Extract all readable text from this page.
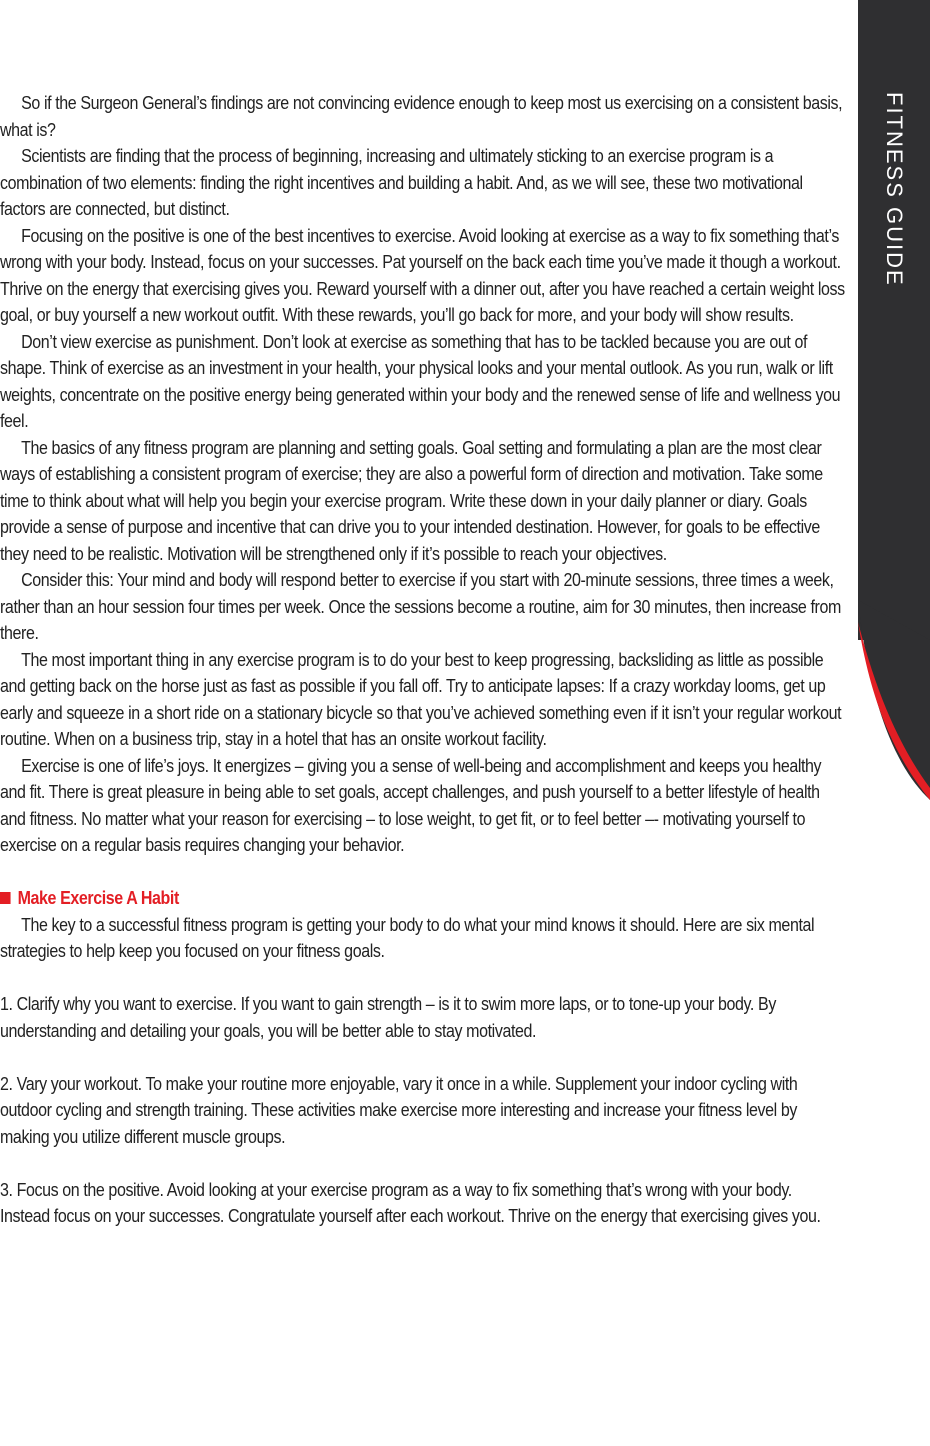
FITNESS GUIDE

So if the Surgeon General’s findings are not convincing evidence enough to keep most us exercising on a consistent basis, what is?

Scientists are finding that the process of beginning, increasing and ultimately sticking to an exercise program is a combination of two elements: finding the right incentives and building a habit. And, as we will see, these two motivational factors are connected, but distinct.

Focusing on the positive is one of the best incentives to exercise. Avoid looking at exercise as a way to fix something that’s wrong with your body. Instead, focus on your successes. Pat yourself on the back each time you’ve made it though a workout. Thrive on the energy that exercising gives you. Reward yourself with a dinner out, after you have reached a certain weight loss goal, or buy yourself a new workout outfit. With these rewards, you’ll go back for more, and your body will show results.

Don’t view exercise as punishment. Don’t look at exercise as something that has to be tackled because you are out of shape. Think of exercise as an investment in your health, your physical looks and your mental outlook. As you run, walk or lift weights, concentrate on the positive energy being generated within your body and the renewed sense of life and wellness you feel.

The basics of any fitness program are planning and setting goals. Goal setting and formulating a plan are the most clear ways of establishing a consistent program of exercise; they are also a powerful form of direction and motivation. Take some time to think about what will help you begin your exercise program. Write these down in your daily planner or diary. Goals provide a sense of purpose and incentive that can drive you to your intended destination. However, for goals to be effective they need to be realistic. Motivation will be strengthened only if it’s possible to reach your objectives.

Consider this: Your mind and body will respond better to exercise if you start with 20-minute sessions, three times a week, rather than an hour session four times per week. Once the sessions become a routine, aim for 30 minutes, then increase from there.

The most important thing in any exercise program is to do your best to keep progressing, backsliding as little as possible and getting back on the horse just as fast as possible if you fall off. Try to anticipate lapses: If a crazy workday looms, get up early and squeeze in a short ride on a stationary bicycle so that you’ve achieved something even if it isn’t your regular workout routine. When on a business trip, stay in a hotel that has an onsite workout facility.

Exercise is one of life’s joys. It energizes – giving you a sense of well-being and accomplishment and keeps you healthy and fit. There is great pleasure in being able to set goals, accept challenges, and push yourself to a better lifestyle of health and fitness. No matter what your reason for exercising – to lose weight, to get fit, or to feel better –- motivating yourself to exercise on a regular basis requires changing your behavior.

Make Exercise A Habit

The key to a successful fitness program is getting your body to do what your mind knows it should. Here are six mental strategies to help keep you focused on your fitness goals.

1. Clarify why you want to exercise. If you want to gain strength – is it to swim more laps, or to tone-up your body. By understanding and detailing your goals, you will be better able to stay motivated.

2. Vary your workout. To make your routine more enjoyable, vary it once in a while. Supplement your indoor cycling with outdoor cycling and strength training. These activities make exercise more interesting and increase your fitness level by making you utilize different muscle groups.

3. Focus on the positive. Avoid looking at your exercise program as a way to fix something that’s wrong with your body. Instead focus on your successes. Congratulate yourself after each workout. Thrive on the energy that exercising gives you.
